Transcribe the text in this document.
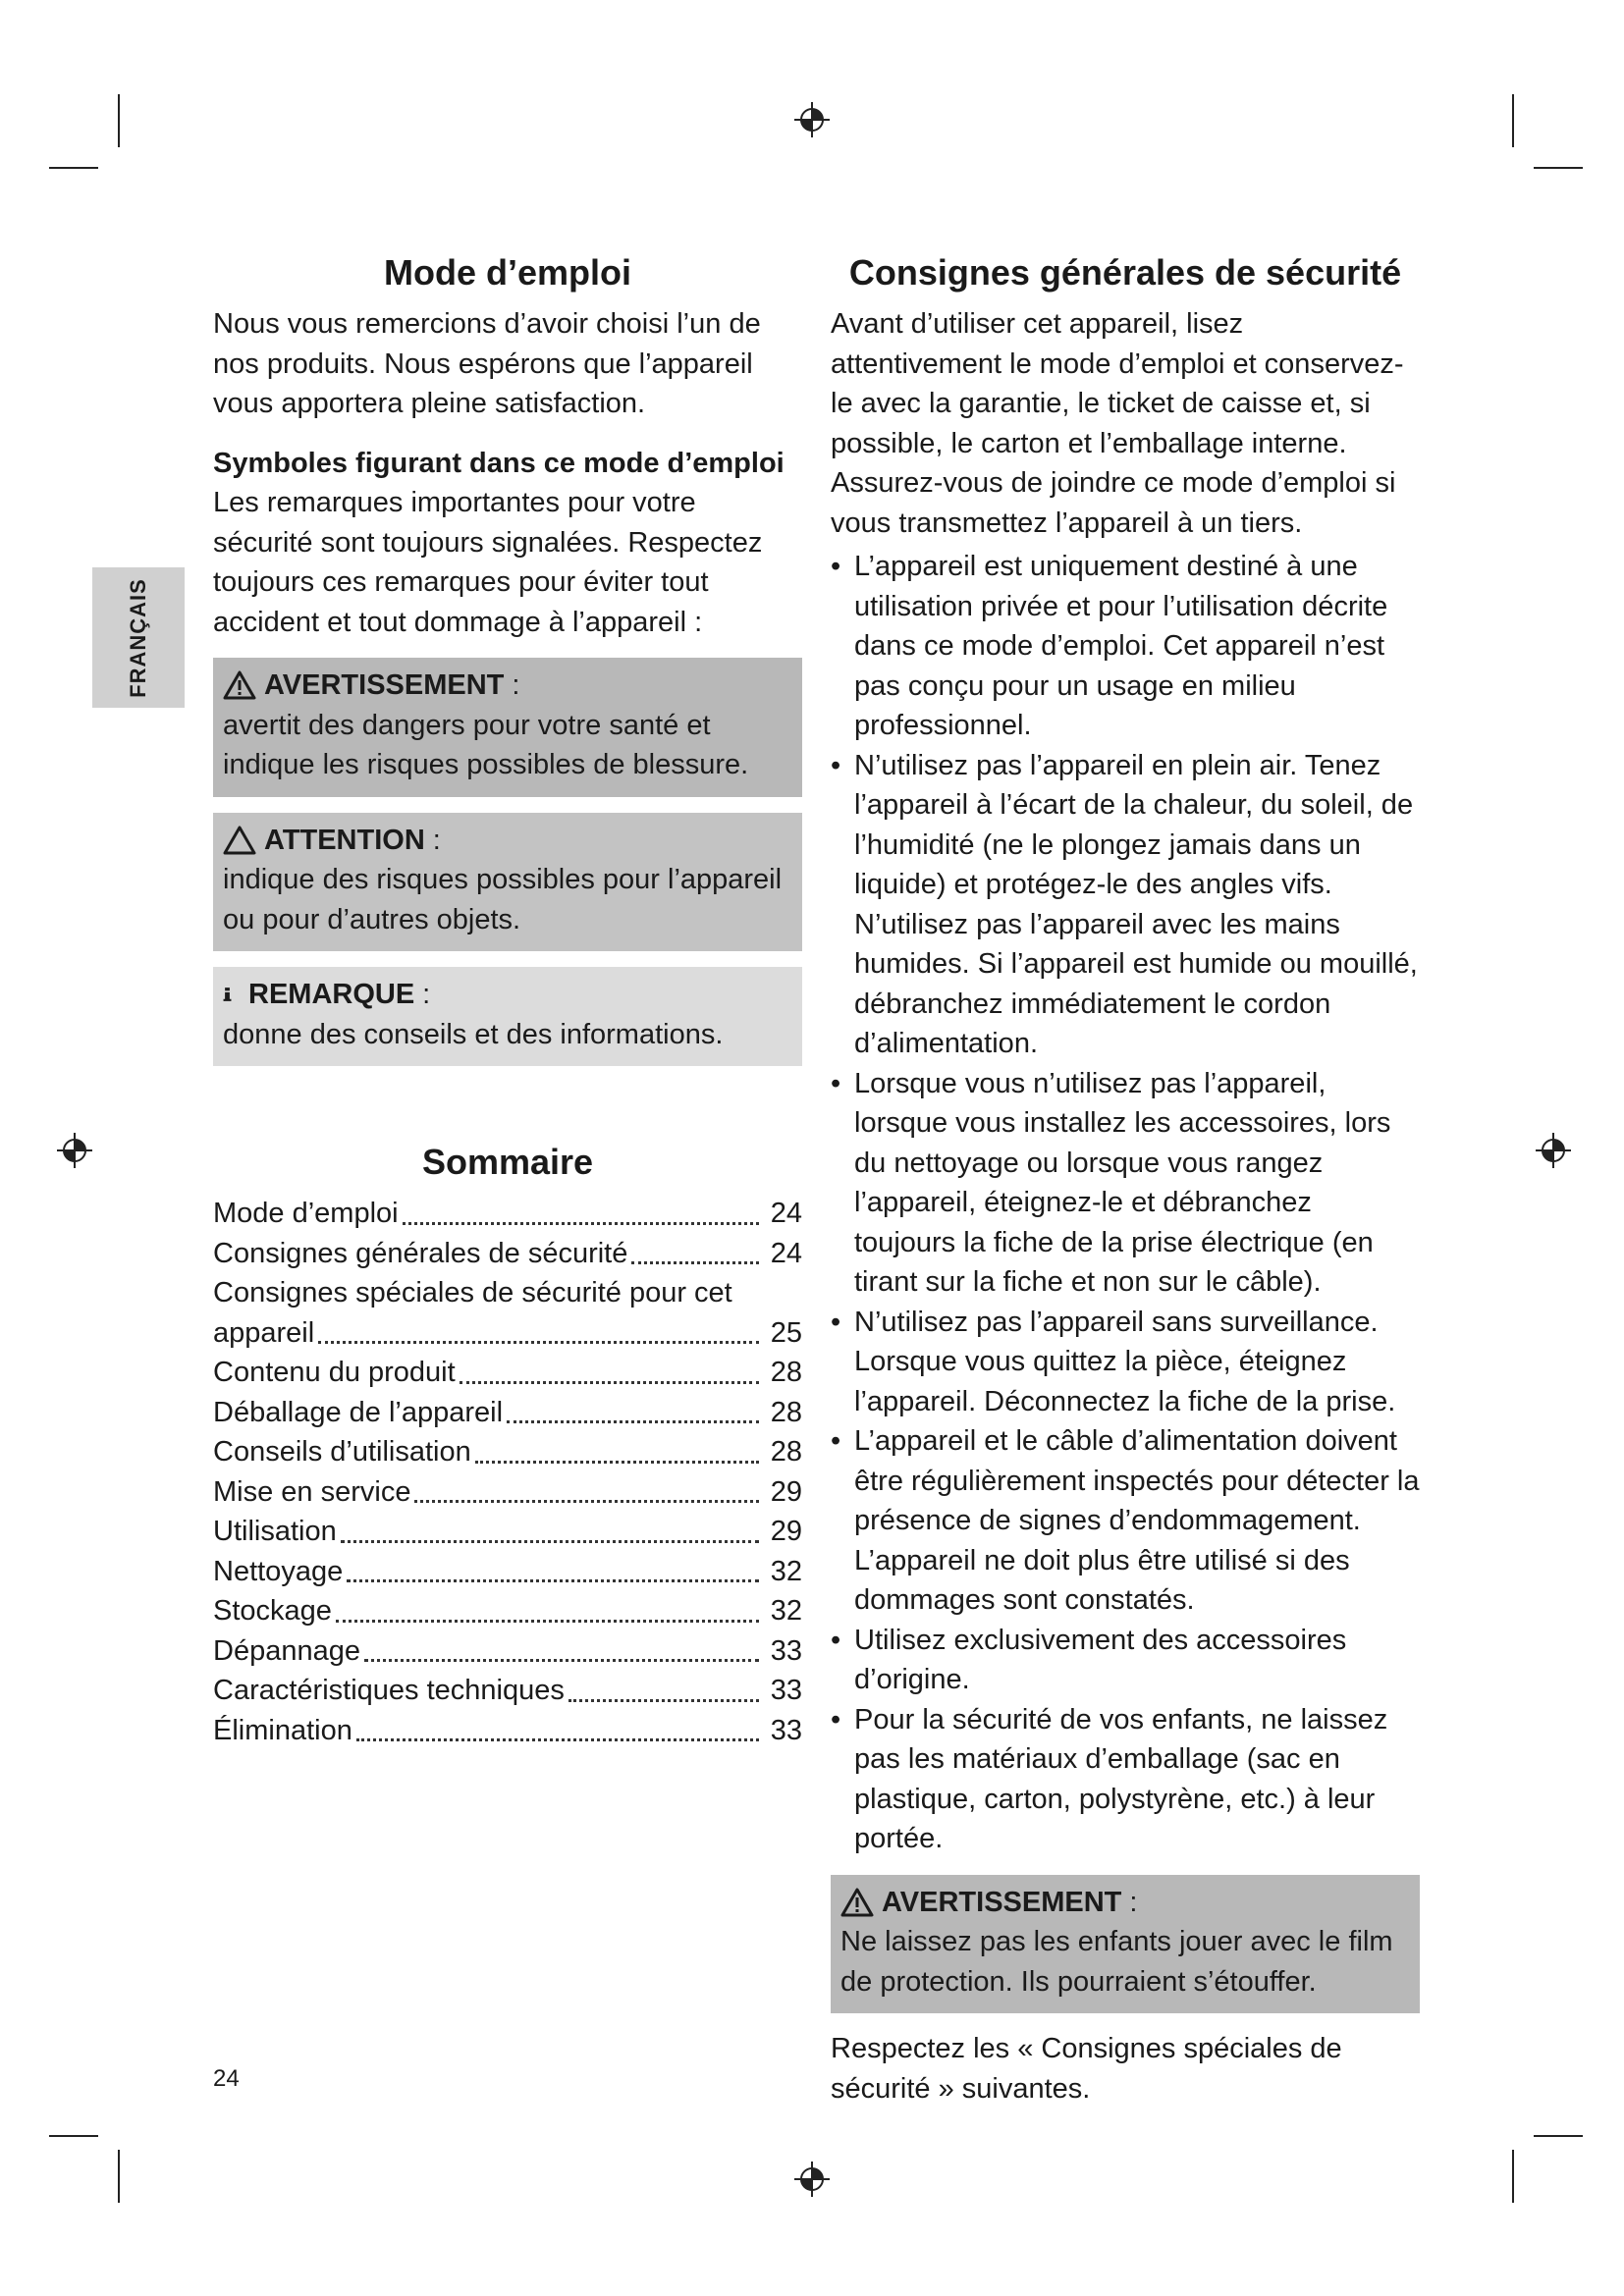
FRANÇAIS
Mode d’emploi

Nous vous remercions d’avoir choisi l’un de nos produits. Nous espérons que l’appareil vous apportera pleine satisfaction.

Symboles figurant dans ce mode d’emploi

Les remarques importantes pour votre sécurité sont toujours signalées. Respectez toujours ces remarques pour éviter tout accident et tout dommage à l’appareil :

AVERTISSEMENT :

avertit des dangers pour votre santé et indique les risques possibles de blessure.

ATTENTION :

indique des risques possibles pour l’appareil ou pour d’autres objets.

REMARQUE :

donne des conseils et des informations.

Sommaire
Mode d’emploi	24
Consignes générales de sécurité	24
Consignes spéciales de sécurité pour cet
appareil	25
Contenu du produit	28
Déballage de l’appareil	28
Conseils d’utilisation	28
Mise en service	29
Utilisation	29
Nettoyage	32
Stockage	32
Dépannage	33
Caractéristiques techniques	33
Élimination	33
Consignes générales de sécurité

Avant d’utiliser cet appareil, lisez attentivement le mode d’emploi et conservez-le avec la garantie, le ticket de caisse et, si possible, le carton et l’emballage interne. Assurez-vous de joindre ce mode d’emploi si vous transmettez l’appareil à un tiers.

• L’appareil est uniquement destiné à une utilisation privée et pour l’utilisation décrite dans ce mode d’emploi. Cet appareil n’est pas conçu pour un usage en milieu professionnel.
• N’utilisez pas l’appareil en plein air. Tenez l’appareil à l’écart de la chaleur, du soleil, de l’humidité (ne le plongez jamais dans un liquide) et protégez-le des angles vifs. N’utilisez pas l’appareil avec les mains humides. Si l’appareil est humide ou mouillé, débranchez immédiatement le cordon d’alimentation.
• Lorsque vous n’utilisez pas l’appareil, lorsque vous installez les accessoires, lors du nettoyage ou lorsque vous rangez l’appareil, éteignez-le et débranchez toujours la fiche de la prise électrique (en tirant sur la fiche et non sur le câble).
• N’utilisez pas l’appareil sans surveillance. Lorsque vous quittez la pièce, éteignez l’appareil. Déconnectez la fiche de la prise.
• L’appareil et le câble d’alimentation doivent être régulièrement inspectés pour détecter la présence de signes d’endommagement. L’appareil ne doit plus être utilisé si des dommages sont constatés.
• Utilisez exclusivement des accessoires d’origine.
• Pour la sécurité de vos enfants, ne laissez pas les matériaux d’emballage (sac en plastique, carton, polystyrène, etc.) à leur portée.
AVERTISSEMENT :

Ne laissez pas les enfants jouer avec le film de protection. Ils pourraient s’étouffer.

Respectez les « Consignes spéciales de sécurité » suivantes.

24
